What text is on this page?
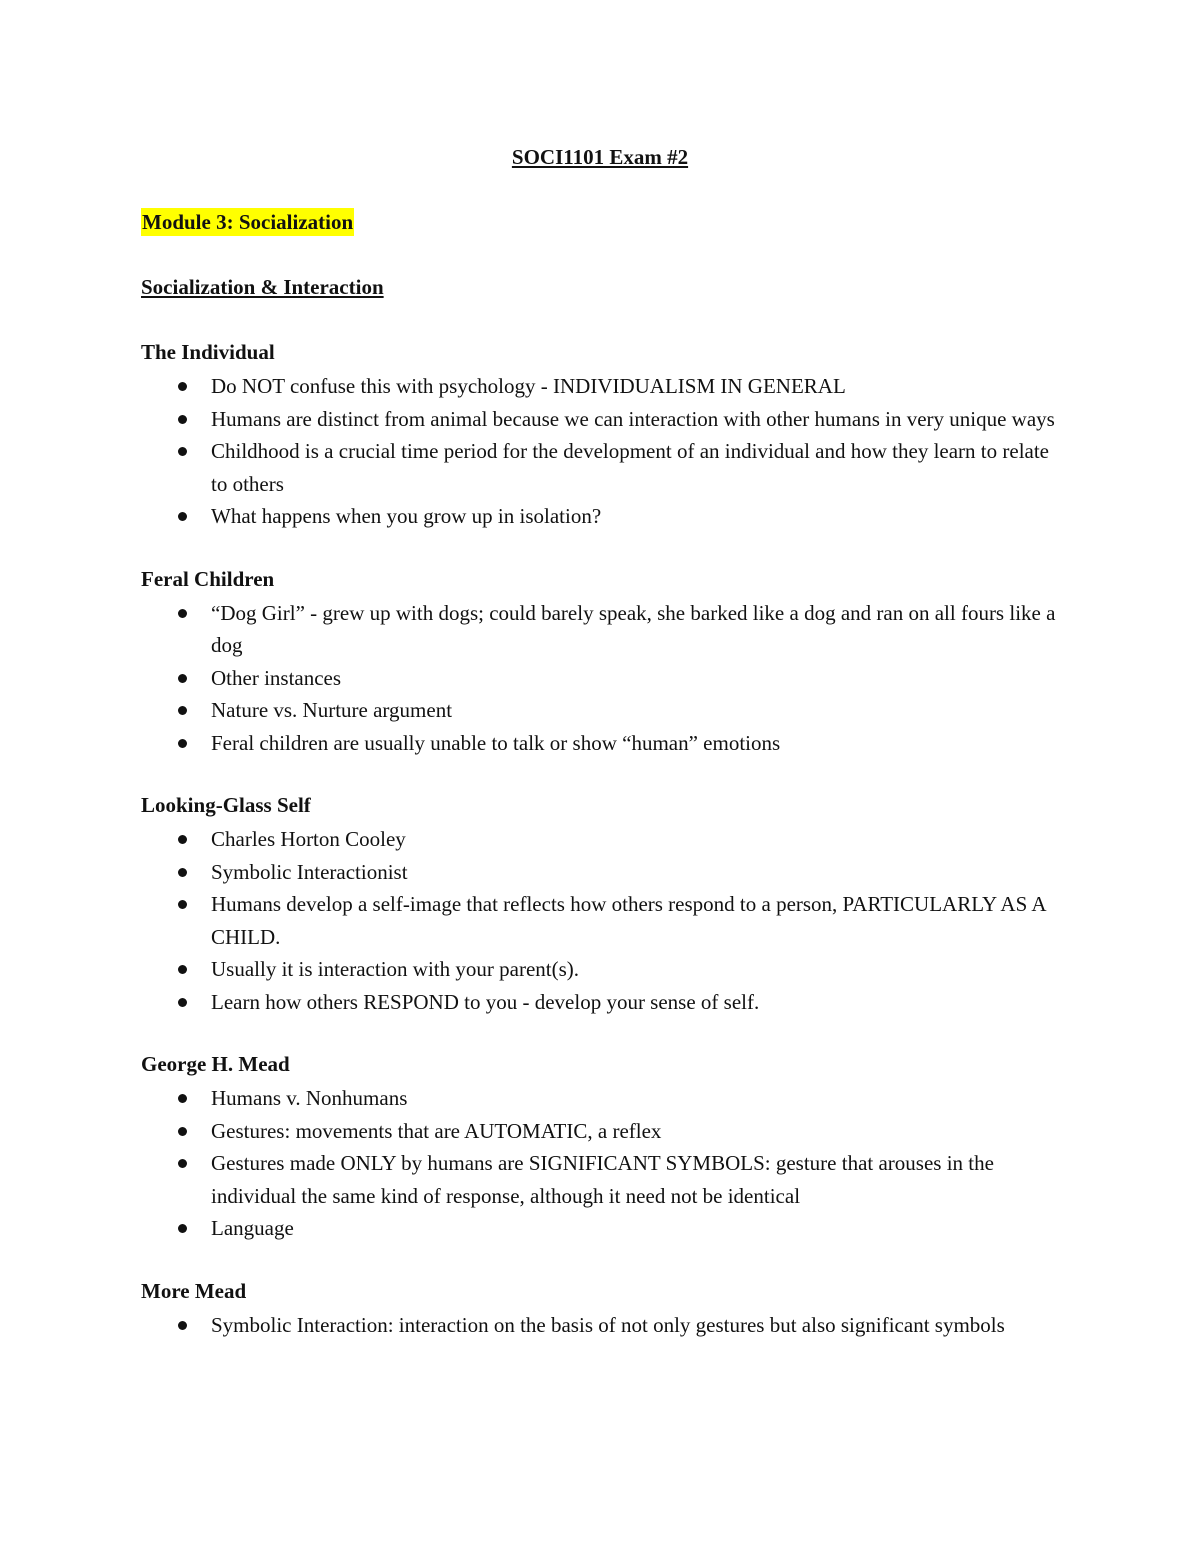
SOCI1101 Exam #2
Module 3: Socialization
Socialization & Interaction
The Individual
Do NOT confuse this with psychology - INDIVIDUALISM IN GENERAL
Humans are distinct from animal because we can interaction with other humans in very unique ways
Childhood is a crucial time period for the development of an individual and how they learn to relate to others
What happens when you grow up in isolation?
Feral Children
“Dog Girl” - grew up with dogs; could barely speak, she barked like a dog and ran on all fours like a dog
Other instances
Nature vs. Nurture argument
Feral children are usually unable to talk or show “human” emotions
Looking-Glass Self
Charles Horton Cooley
Symbolic Interactionist
Humans develop a self-image that reflects how others respond to a person, PARTICULARLY AS A CHILD.
Usually it is interaction with your parent(s).
Learn how others RESPOND to you - develop your sense of self.
George H. Mead
Humans v. Nonhumans
Gestures: movements that are AUTOMATIC, a reflex
Gestures made ONLY by humans are SIGNIFICANT SYMBOLS: gesture that arouses in the individual the same kind of response, although it need not be identical
Language
More Mead
Symbolic Interaction: interaction on the basis of not only gestures but also significant symbols
